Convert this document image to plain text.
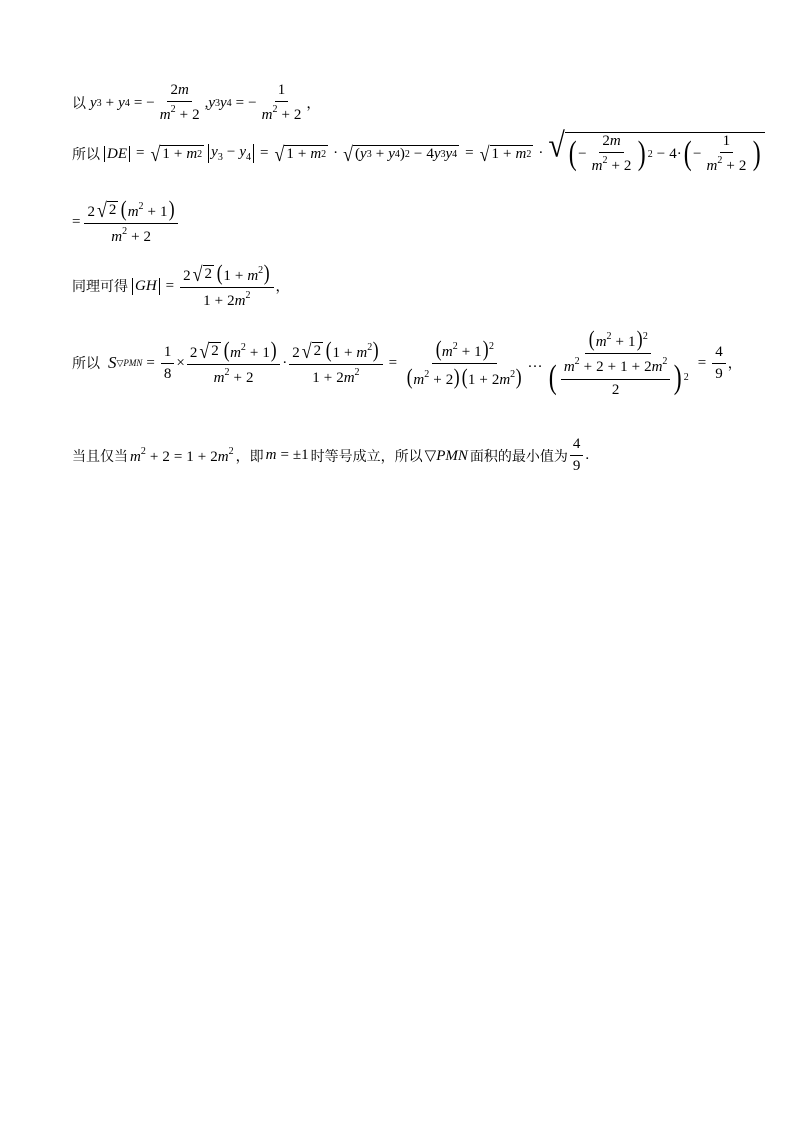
以 y 3 + y 4 = − $\frac{2m}{m^2 + 2}$ , y 3 y 4 = − $\frac{1}{m^2 + 2}$ ，
所以 DE = √ 1 + m 2 $y_3 - y_4$ = √ 1 + m 2 · √ ( y 3 + y 4 ) 2 − 4 y 3 y 4 = √ 1 + m 2 · √ ( − $\frac{2m}{m^2 + 2}$ ) 2 − 4· ( − $\frac{1}{m^2 + 2}$ )
= $\frac{2 √ 2 (m^2 + 1)}{m^2 + 2}$
同理可得 GH = $\frac{2 √ 2 (1 + m^2)}{1 + 2m^2}$ ，
所以 S ▽PMN = $\frac{1}{8} \times \frac{2 √ 2 (m^2 + 1)}{m^2 + 2} \cdot \frac{2 √ 2 (1 + m^2)}{1 + 2m^2} = \frac{(m^2 + 1)^2}{(m^2 + 2)(1 + 2m^2)}$ … $\frac{(m^2 + 1)^2}{( \frac{m^2 + 2 + 1 + 2m^2}{2} ) 2} = \frac{4}{9}$ ，
当且仅当 $m^2 + 2 = 1 + 2m^2$ ，即 m = ±1 时等号成立，所以 ▽PMN 面积的最小值为 $\frac{4}{9}$ .
